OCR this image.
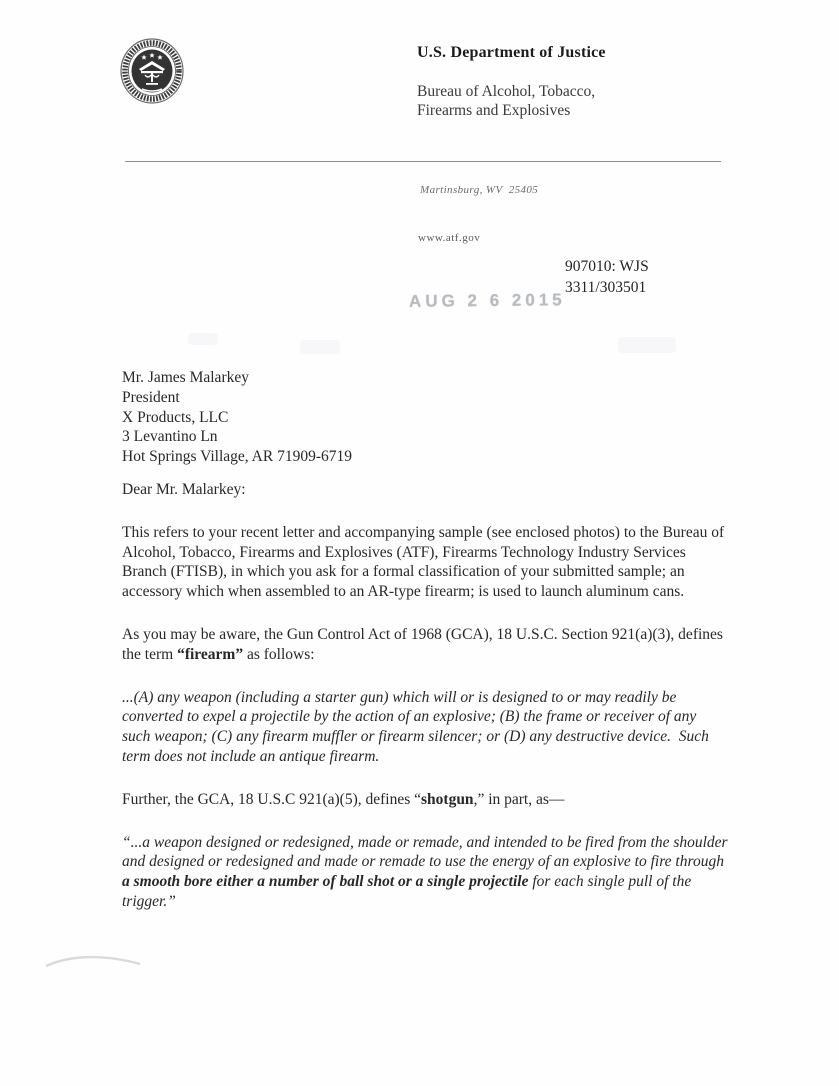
U.S. Department of Justice
Bureau of Alcohol, Tobacco,
Firearms and Explosives
Martinsburg, WV  25405
www.atf.gov
907010: WJS
3311/303501
AUG 2 6 2015
Mr. James Malarkey
President
X Products, LLC
3 Levantino Ln
Hot Springs Village, AR 71909-6719
Dear Mr. Malarkey:

This refers to your recent letter and accompanying sample (see enclosed photos) to the Bureau of Alcohol, Tobacco, Firearms and Explosives (ATF), Firearms Technology Industry Services Branch (FTISB), in which you ask for a formal classification of your submitted sample; an accessory which when assembled to an AR-type firearm; is used to launch aluminum cans.

As you may be aware, the Gun Control Act of 1968 (GCA), 18 U.S.C. Section 921(a)(3), defines the term “firearm” as follows:

...(A) any weapon (including a starter gun) which will or is designed to or may readily be converted to expel a projectile by the action of an explosive; (B) the frame or receiver of any such weapon; (C) any firearm muffler or firearm silencer; or (D) any destructive device.  Such term does not include an antique firearm.

Further, the GCA, 18 U.S.C 921(a)(5), defines “shotgun,” in part, as—

“...a weapon designed or redesigned, made or remade, and intended to be fired from the shoulder and designed or redesigned and made or remade to use the energy of an explosive to fire through a smooth bore either a number of ball shot or a single projectile for each single pull of the trigger.”
